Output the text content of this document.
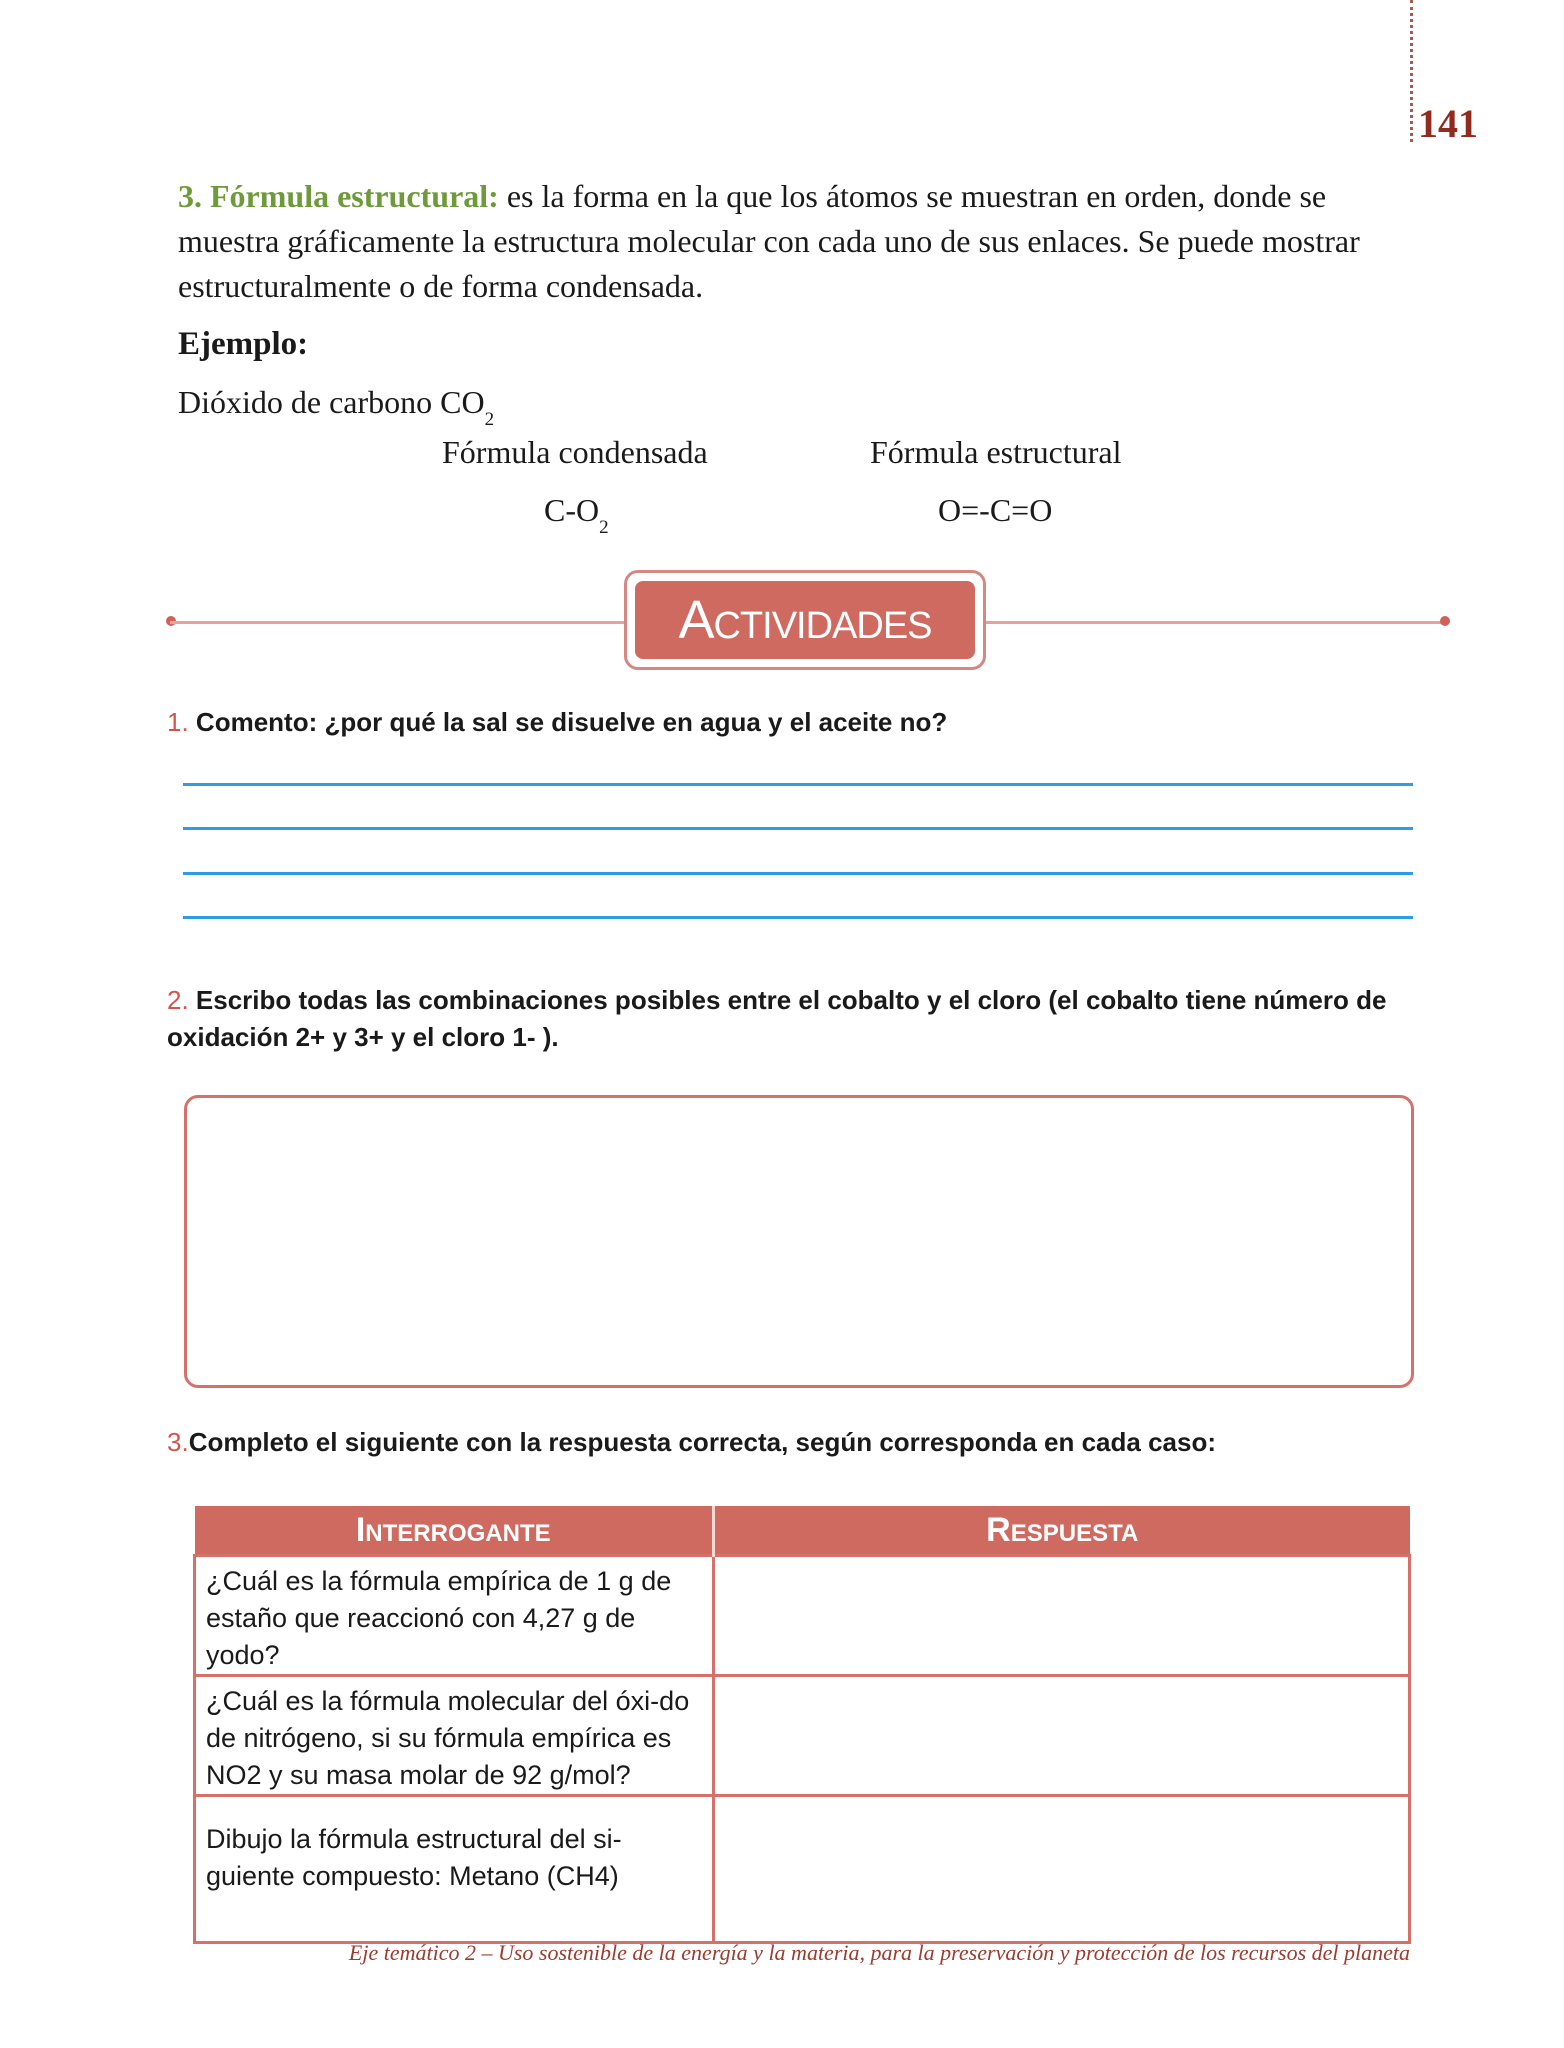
141

3. Fórmula estructural: es la forma en la que los átomos se muestran en orden, donde se muestra gráficamente la estructura molecular con cada uno de sus enlaces. Se puede mostrar estructuralmente o de forma condensada.

Ejemplo:
Dióxido de carbono $CO_2$
Fórmula condensada	Fórmula estructural
$C-O_2$	O=-C=O
Actividades
1. Comento: ¿por qué la sal se disuelve en agua y el aceite no?
2. Escribo todas las combinaciones posibles entre el cobalto y el cloro (el cobalto tiene número de oxidación 2+ y 3+ y el cloro 1- ).
3.Completo el siguiente con la respuesta correcta, según corresponda en cada caso:
Interrogante	Respuesta
¿Cuál es la fórmula empírica de 1 g de estaño que reaccionó con 4,27 g de yodo?	
¿Cuál es la fórmula molecular del óxi-do de nitrógeno, si su fórmula empírica es NO2 y su masa molar de 92 g/mol?	
Dibujo la fórmula estructural del si-guiente compuesto: Metano (CH4)	
Eje temático 2 – Uso sostenible de la energía y la materia, para la preservación y protección de los recursos del planeta
